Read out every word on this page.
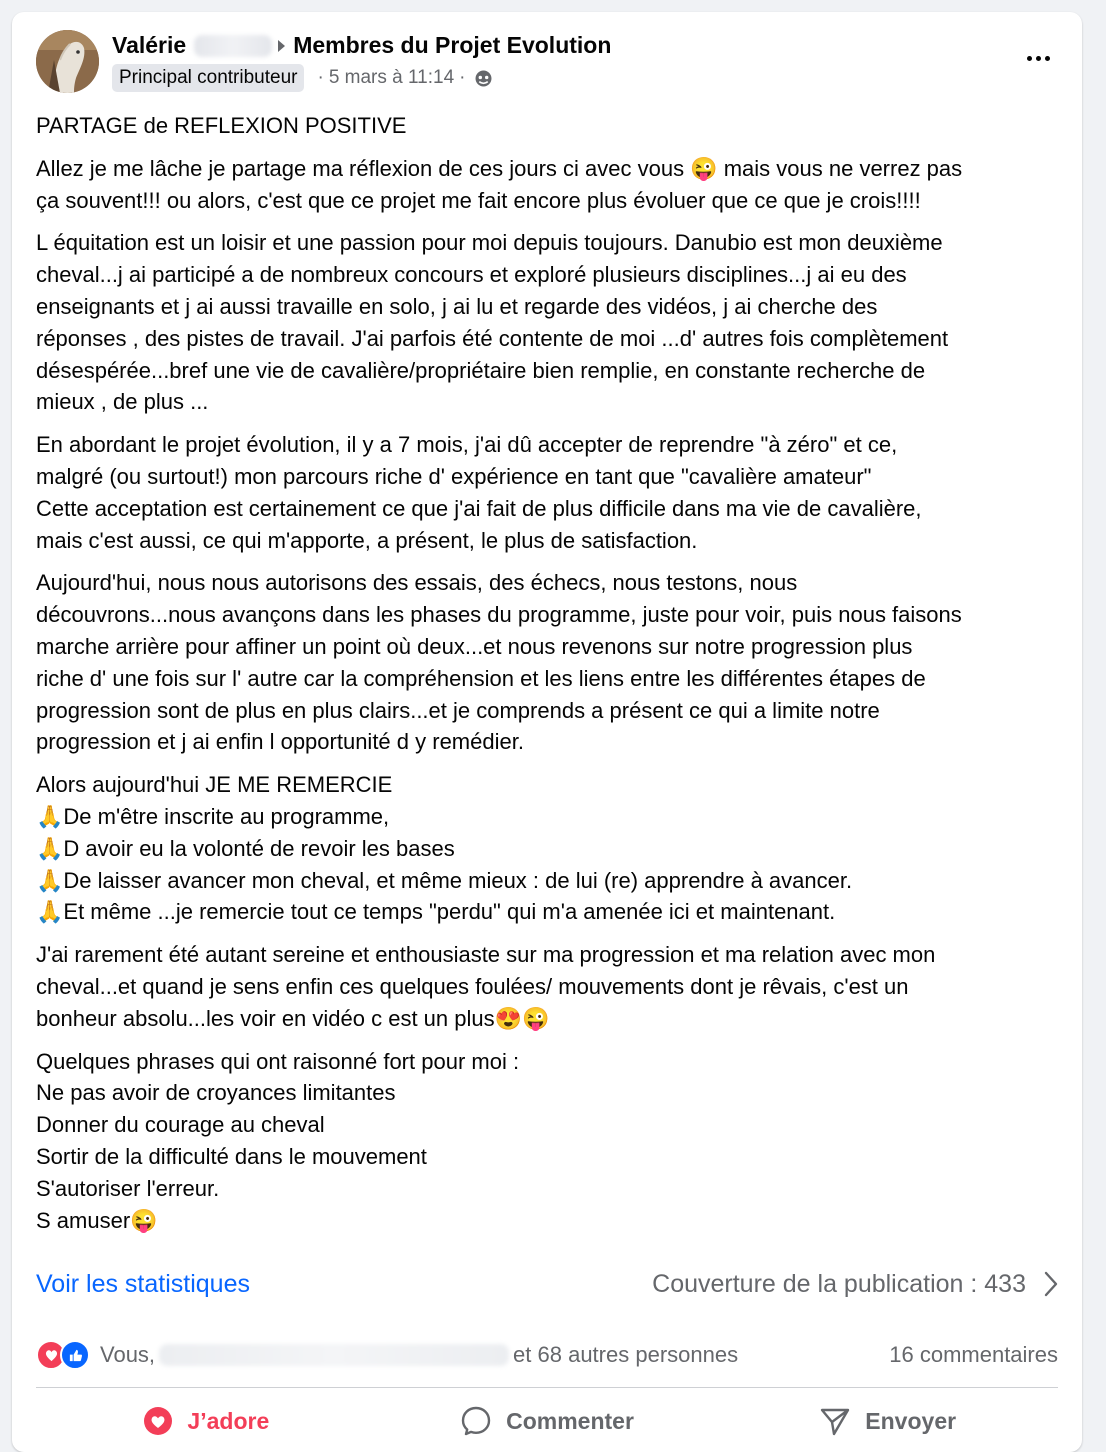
Valérie	Membres du Projet Evolution
Principal contributeur	· 5 mars à 11:14 ·

PARTAGE de REFLEXION POSITIVE

Allez je me lâche je partage ma réflexion de ces jours ci avec vous 😜 mais vous ne verrez pas
ça souvent!!! ou alors, c'est que ce projet me fait encore plus évoluer que ce que je crois!!!!

L équitation est un loisir et une passion pour moi depuis toujours. Danubio est mon deuxième
cheval...j ai participé a de nombreux concours et exploré plusieurs disciplines...j ai eu des
enseignants et j ai aussi travaille en solo, j ai lu et regarde des vidéos, j ai cherche des
réponses , des pistes de travail. J'ai parfois été contente de moi ...d' autres fois complètement
désespérée...bref une vie de cavalière/propriétaire bien remplie, en constante recherche de
mieux , de plus ...

En abordant le projet évolution, il y a 7 mois, j'ai dû accepter de reprendre "à zéro" et ce,
malgré (ou surtout!) mon parcours riche d' expérience en tant que "cavalière amateur"
Cette acceptation est certainement ce que j'ai fait de plus difficile dans ma vie de cavalière,
mais c'est aussi, ce qui m'apporte, a présent, le plus de satisfaction.

Aujourd'hui, nous nous autorisons des essais, des échecs, nous testons, nous
découvrons...nous avançons dans les phases du programme, juste pour voir, puis nous faisons
marche arrière pour affiner un point où deux...et nous revenons sur notre progression plus
riche d' une fois sur l' autre car la compréhension et les liens entre les différentes étapes de
progression sont de plus en plus clairs...et je comprends a présent ce qui a limite notre
progression et j ai enfin l opportunité d y remédier.

Alors aujourd'hui JE ME REMERCIE
🙏De m'être inscrite au programme,
🙏D avoir eu la volonté de revoir les bases
🙏De laisser avancer mon cheval, et même mieux : de lui (re) apprendre à avancer.
🙏Et même ...je remercie tout ce temps "perdu" qui m'a amenée ici et maintenant.

J'ai rarement été autant sereine et enthousiaste sur ma progression et ma relation avec mon
cheval...et quand je sens enfin ces quelques foulées/ mouvements dont je rêvais, c'est un
bonheur absolu...les voir en vidéo c est un plus😍😜

Quelques phrases qui ont raisonné fort pour moi :
Ne pas avoir de croyances limitantes
Donner du courage au cheval
Sortir de la difficulté dans le mouvement
S'autoriser l'erreur.
S amuser😜

Voir les statistiques	Couverture de la publication : 433
Vous,	et 68 autres personnes	16 commentaires
J’adore	Commenter	Envoyer
